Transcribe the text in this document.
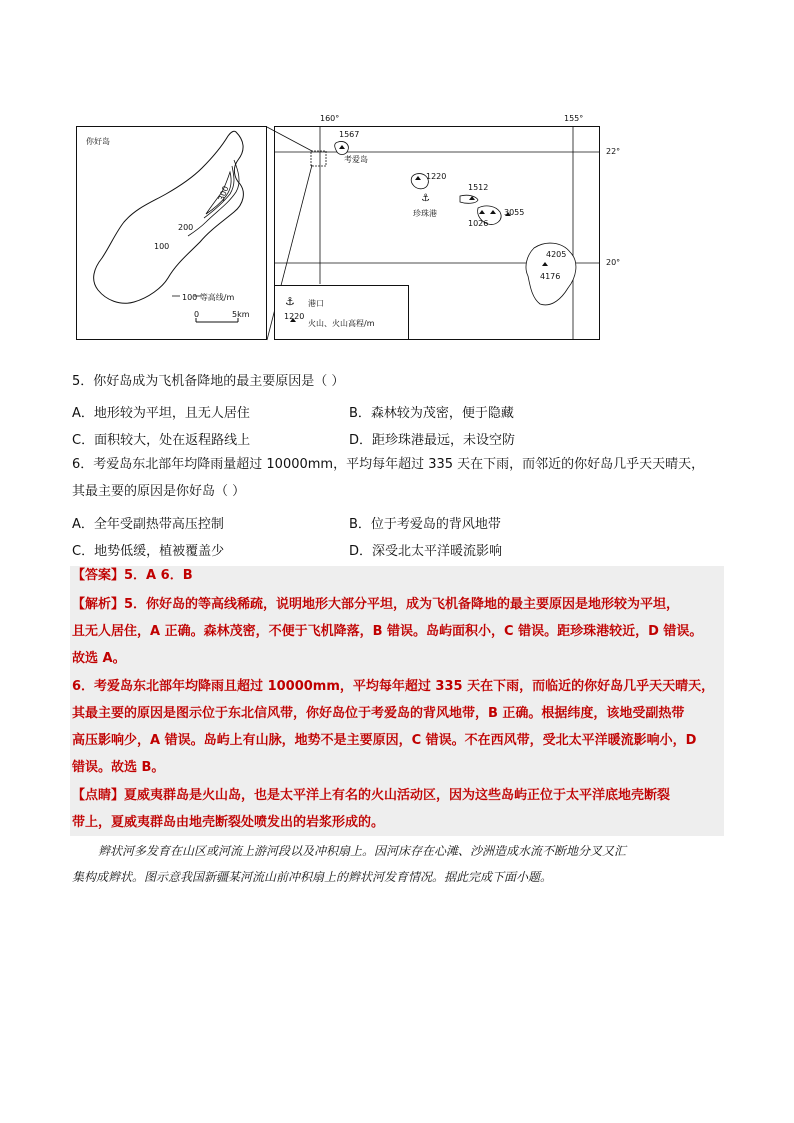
⚓
⚓
你好岛
300
200
100
100 等高线/m
0	5km
160°	155°
22°
20°
1567
考爱岛
1220
1512
珍珠港	3055
1026
4205
4176
港口
1220
火山、火山高程/m
5．你好岛成为飞机备降地的最主要原因是（ ）
A．地形较为平坦，且无人居住	B．森林较为茂密，便于隐藏
C．面积较大，处在返程路线上	D．距珍珠港最远，未设空防
6．考爱岛东北部年均降雨量超过 10000mm，平均每年超过 335 天在下雨，而邻近的你好岛几乎天天晴天，
其最主要的原因是你好岛（ ）
A．全年受副热带高压控制	B．位于考爱岛的背风地带
C．地势低缓，植被覆盖少	D．深受北太平洋暖流影响
【答案】5．A 6．B
【解析】5．你好岛的等高线稀疏，说明地形大部分平坦，成为飞机备降地的最主要原因是地形较为平坦，
且无人居住，A 正确。森林茂密，不便于飞机降落，B 错误。岛屿面积小，C 错误。距珍珠港较近，D 错误。
故选 A。
6．考爱岛东北部年均降雨且超过 10000mm，平均每年超过 335 天在下雨，而临近的你好岛几乎天天晴天，
其最主要的原因是图示位于东北信风带，你好岛位于考爱岛的背风地带，B 正确。根据纬度，该地受副热带
高压影响少，A 错误。岛屿上有山脉，地势不是主要原因，C 错误。不在西风带，受北太平洋暖流影响小，D
错误。故选 B。
【点睛】夏威夷群岛是火山岛，也是太平洋上有名的火山活动区，因为这些岛屿正位于太平洋底地壳断裂
带上，夏威夷群岛由地壳断裂处喷发出的岩浆形成的。
辫状河多发育在山区或河流上游河段以及冲积扇上。因河床存在心滩、沙洲造成水流不断地分叉又汇
集构成辫状。图示意我国新疆某河流山前冲积扇上的辫状河发育情况。据此完成下面小题。
